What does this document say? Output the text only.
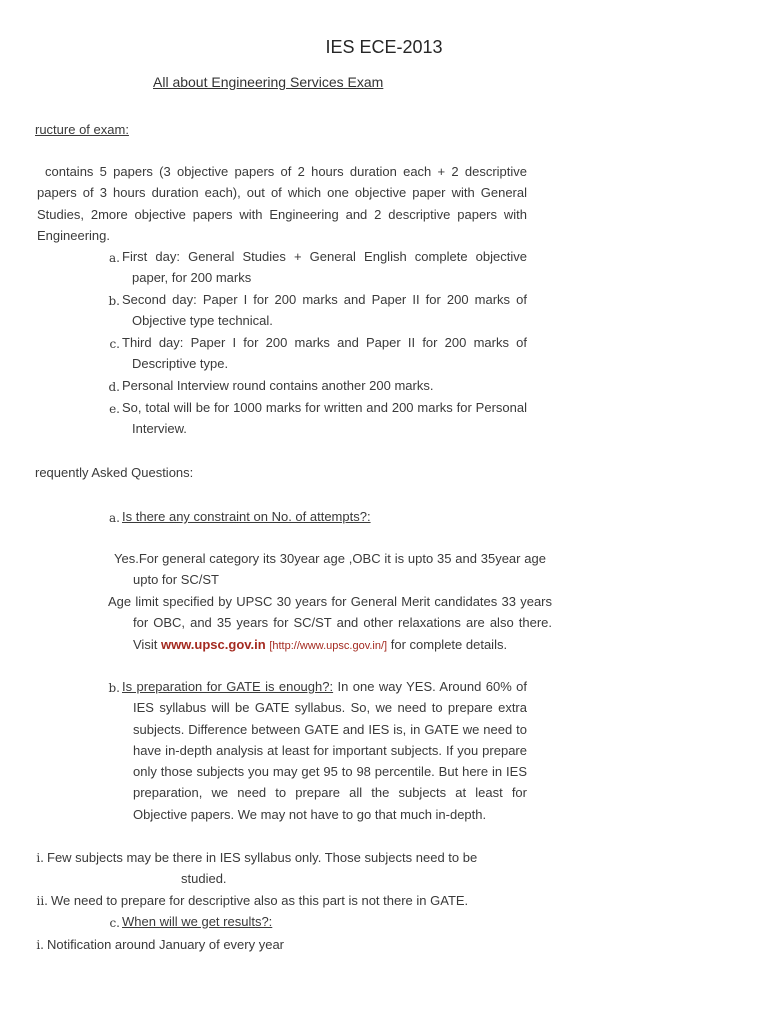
IES ECE-2013
All about Engineering Services Exam
ructure of exam:
contains 5 papers (3 objective papers of 2 hours duration each + 2 descriptive papers of 3 hours duration each), out of which one objective paper with General Studies, 2more objective papers with Engineering and 2 descriptive papers with Engineering.
a. First day: General Studies + General English complete objective paper, for 200 marks
b. Second day: Paper I for 200 marks and Paper II for 200 marks of Objective type technical.
c. Third day: Paper I for 200 marks and Paper II for 200 marks of Descriptive type.
d. Personal Interview round contains another 200 marks.
e. So, total will be for 1000 marks for written and 200 marks for Personal Interview.
requently Asked Questions:
a. Is there any constraint on No. of attempts?:
Yes.For general category its 30year age ,OBC it is upto 35 and 35year age upto for SC/ST
Age limit specified by UPSC 30 years for General Merit candidates 33 years for OBC, and 35 years for SC/ST and other relaxations are also there. Visit www.upsc.gov.in [http://www.upsc.gov.in/] for complete details.
b. Is preparation for GATE is enough?: In one way YES. Around 60% of IES syllabus will be GATE syllabus. So, we need to prepare extra subjects. Difference between GATE and IES is, in GATE we need to have in-depth analysis at least for important subjects. If you prepare only those subjects you may get 95 to 98 percentile. But here in IES preparation, we need to prepare all the subjects at least for Objective papers. We may not have to go that much in-depth.
i. Few subjects may be there in IES syllabus only. Those subjects need to be
studied.
ii. We need to prepare for descriptive also as this part is not there in GATE.
c. When will we get results?:
i. Notification around January of every year
